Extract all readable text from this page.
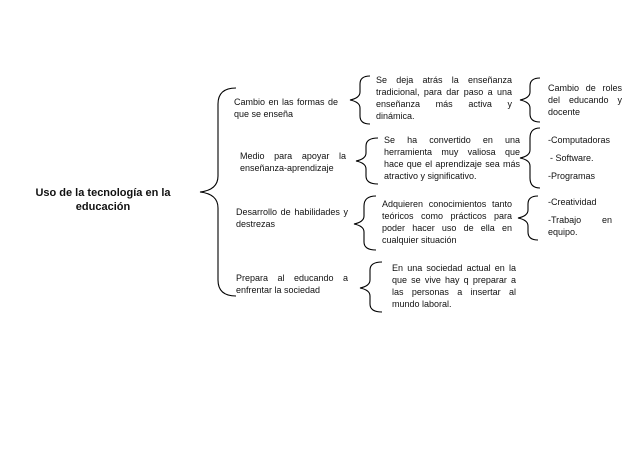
Uso de la tecnología en la educación
Cambio en las formas de que se enseña
Medio para apoyar la enseñanza-aprendizaje
Desarrollo de habilidades y destrezas
Prepara al educando a enfrentar la sociedad
Se deja atrás la enseñanza tradicional, para dar paso a una enseñanza más activa y dinámica.
Se ha convertido en una herramienta muy valiosa que hace que el aprendizaje sea más atractivo y significativo.
Adquieren conocimientos tanto teóricos como prácticos para poder hacer uso de ella en cualquier situación
En una sociedad actual en la que se vive hay q preparar a las personas a insertar al mundo laboral.
Cambio de roles del educando y docente
-Computadoras
- Software.
-Programas
-Creatividad
-Trabajo en equipo.
